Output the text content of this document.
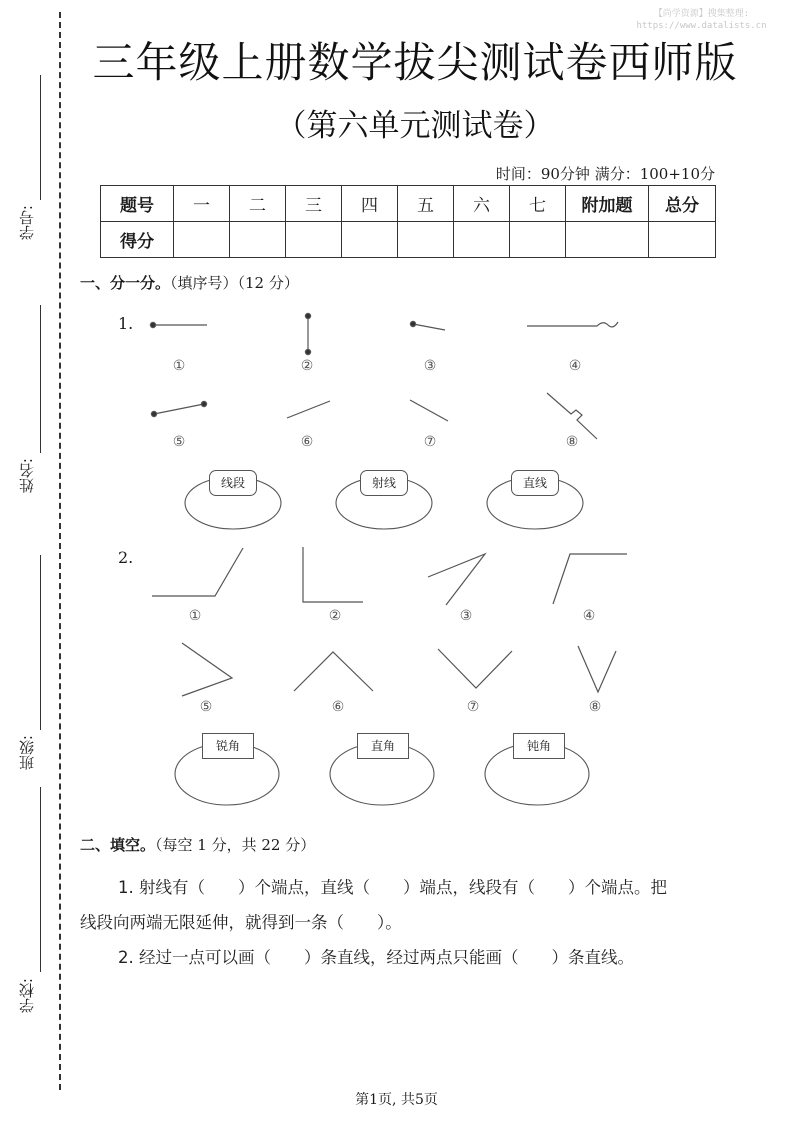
【尚学资源】搜集整理:
https://www.datalists.cn
学号:
姓名:
班级:
学校:
三年级上册数学拔尖测试卷西师版
（第六单元测试卷）
时间：90分钟 满分：100+10分
题号	一	二	三	四	五	六	七	附加题	总分
得分									
一、分一分。（填序号）（12 分）
1.
①	②	③	④
⑤	⑥	⑦	⑧
线段	射线	直线
2.
①	②	③	④
⑤	⑥	⑦	⑧
锐角	直角	钝角
二、填空。（每空 1 分，共 22 分）
1. 射线有（　　）个端点，直线（　　）端点，线段有（　　）个端点。把
线段向两端无限延伸，就得到一条（　　）。
2. 经过一点可以画（　　）条直线，经过两点只能画（　　）条直线。
第1页, 共5页
